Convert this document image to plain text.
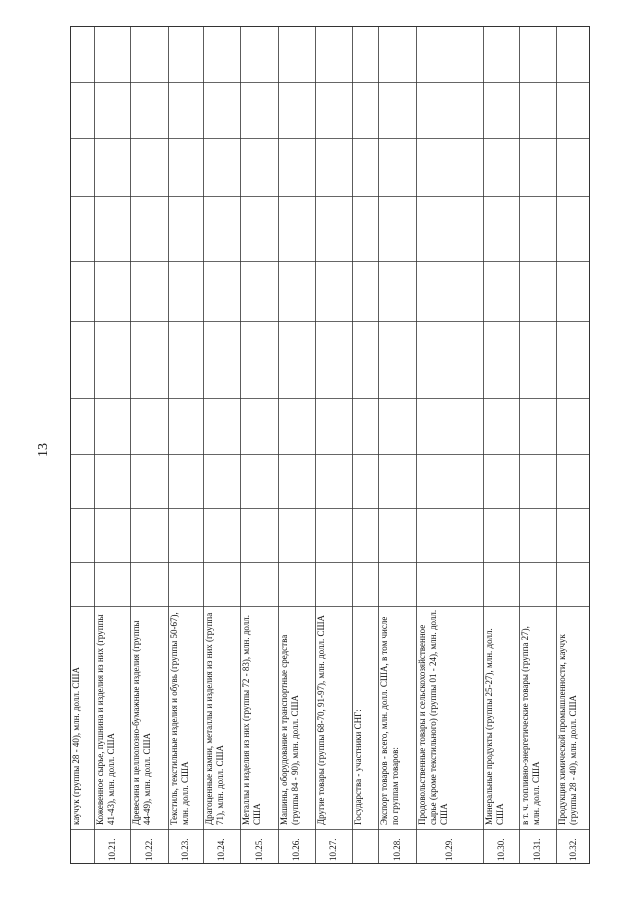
13
каучук (группы 28 - 40), млн. долл. США
10.21.
Кожевенное сырье, пушнина и изделия из них (группы 41-43), млн. долл. США
10.22.
Древесина и целлюлозно-бумажные изделия (группы 44-49), млн. долл. США
10.23.
Текстиль, текстильные изделия и обувь (группы 50-67), млн. долл. США
10.24.
Драгоценные камни, металлы и изделия из них (группа 71), млн. долл. США
10.25.
Металлы и изделия из них (группы 72 - 83), млн. долл. США
10.26.
Машины, оборудование и транспортные средства (группы 84 - 90), млн. долл. США
10.27.
Другие товары (группы 68-70, 91-97), млн. долл. США	Государства - участники СНГ:
10.28.
Экспорт товаров - всего, млн. долл. США, в том числе по группам товаров:
10.29.
Продовольственные товары и сельскохозяйственное сырье (кроме текстильного) (группы 01 - 24), млн. долл. США
10.30.
Минеральные продукты (группы 25-27), млн. долл. США
10.31.
в т. ч. топливно-энергетические товары (группа 27), млн. долл. США
10.32.
Продукция химической промышленности, каучук (группы 28 - 40), млн. долл. США
